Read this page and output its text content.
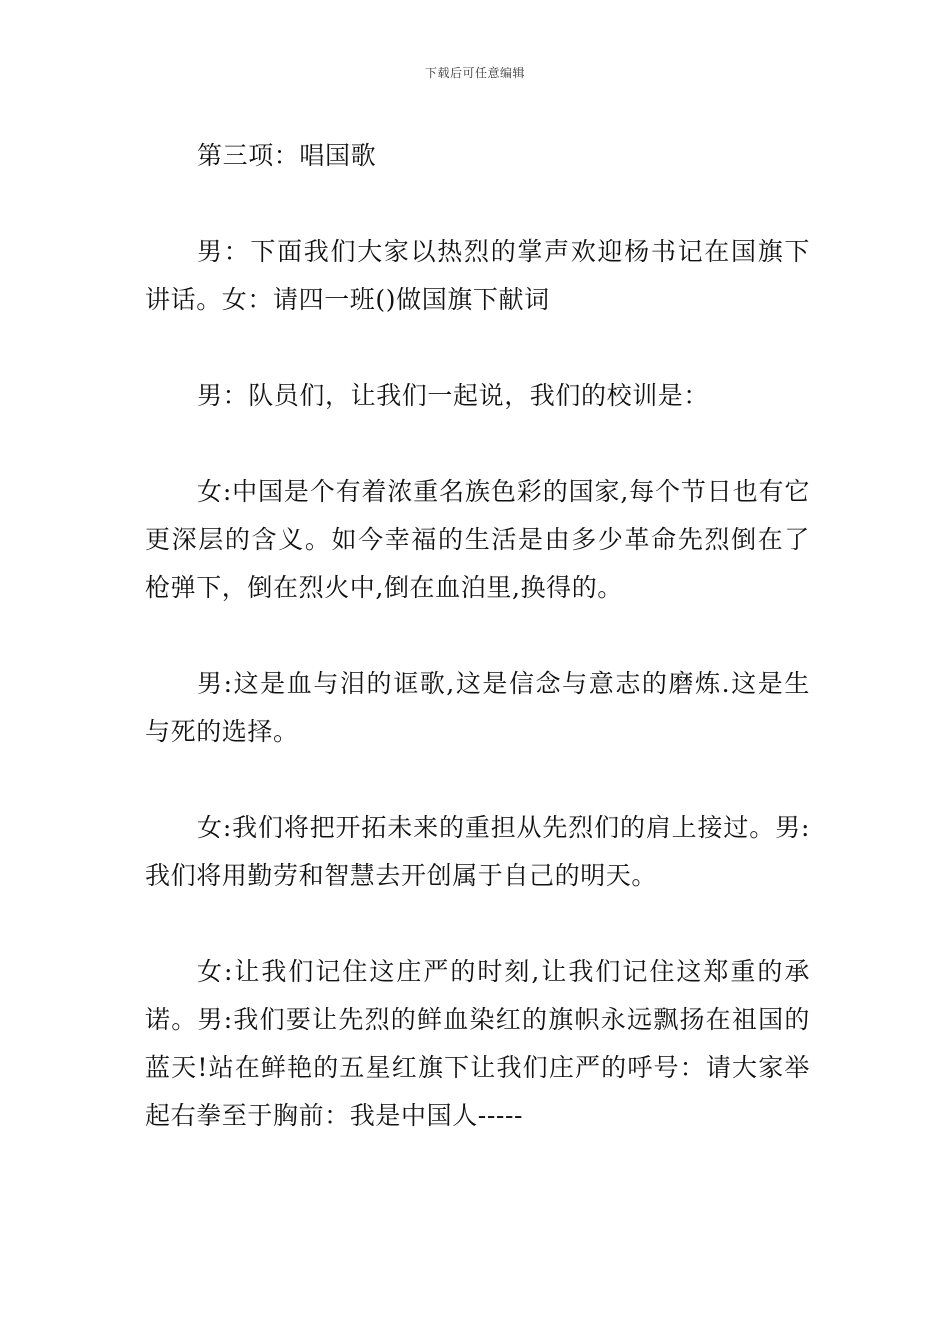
下载后可任意编辑

第三项：唱国歌

男：下面我们大家以热烈的掌声欢迎杨书记在国旗下讲话。女：请四一班()做国旗下献词

男：队员们，让我们一起说，我们的校训是：

女:中国是个有着浓重名族色彩的国家,每个节日也有它更深层的含义。如今幸福的生活是由多少革命先烈倒在了枪弹下，倒在烈火中,倒在血泊里,换得的。

男:这是血与泪的诓歌,这是信念与意志的磨炼.这是生与死的选择。

女:我们将把开拓未来的重担从先烈们的肩上接过。男:我们将用勤劳和智慧去开创属于自己的明天。

女:让我们记住这庄严的时刻,让我们记住这郑重的承诺。男:我们要让先烈的鲜血染红的旗帜永远飘扬在祖国的蓝天!站在鲜艳的五星红旗下让我们庄严的呼号：请大家举起右拳至于胸前：我是中国人-----
